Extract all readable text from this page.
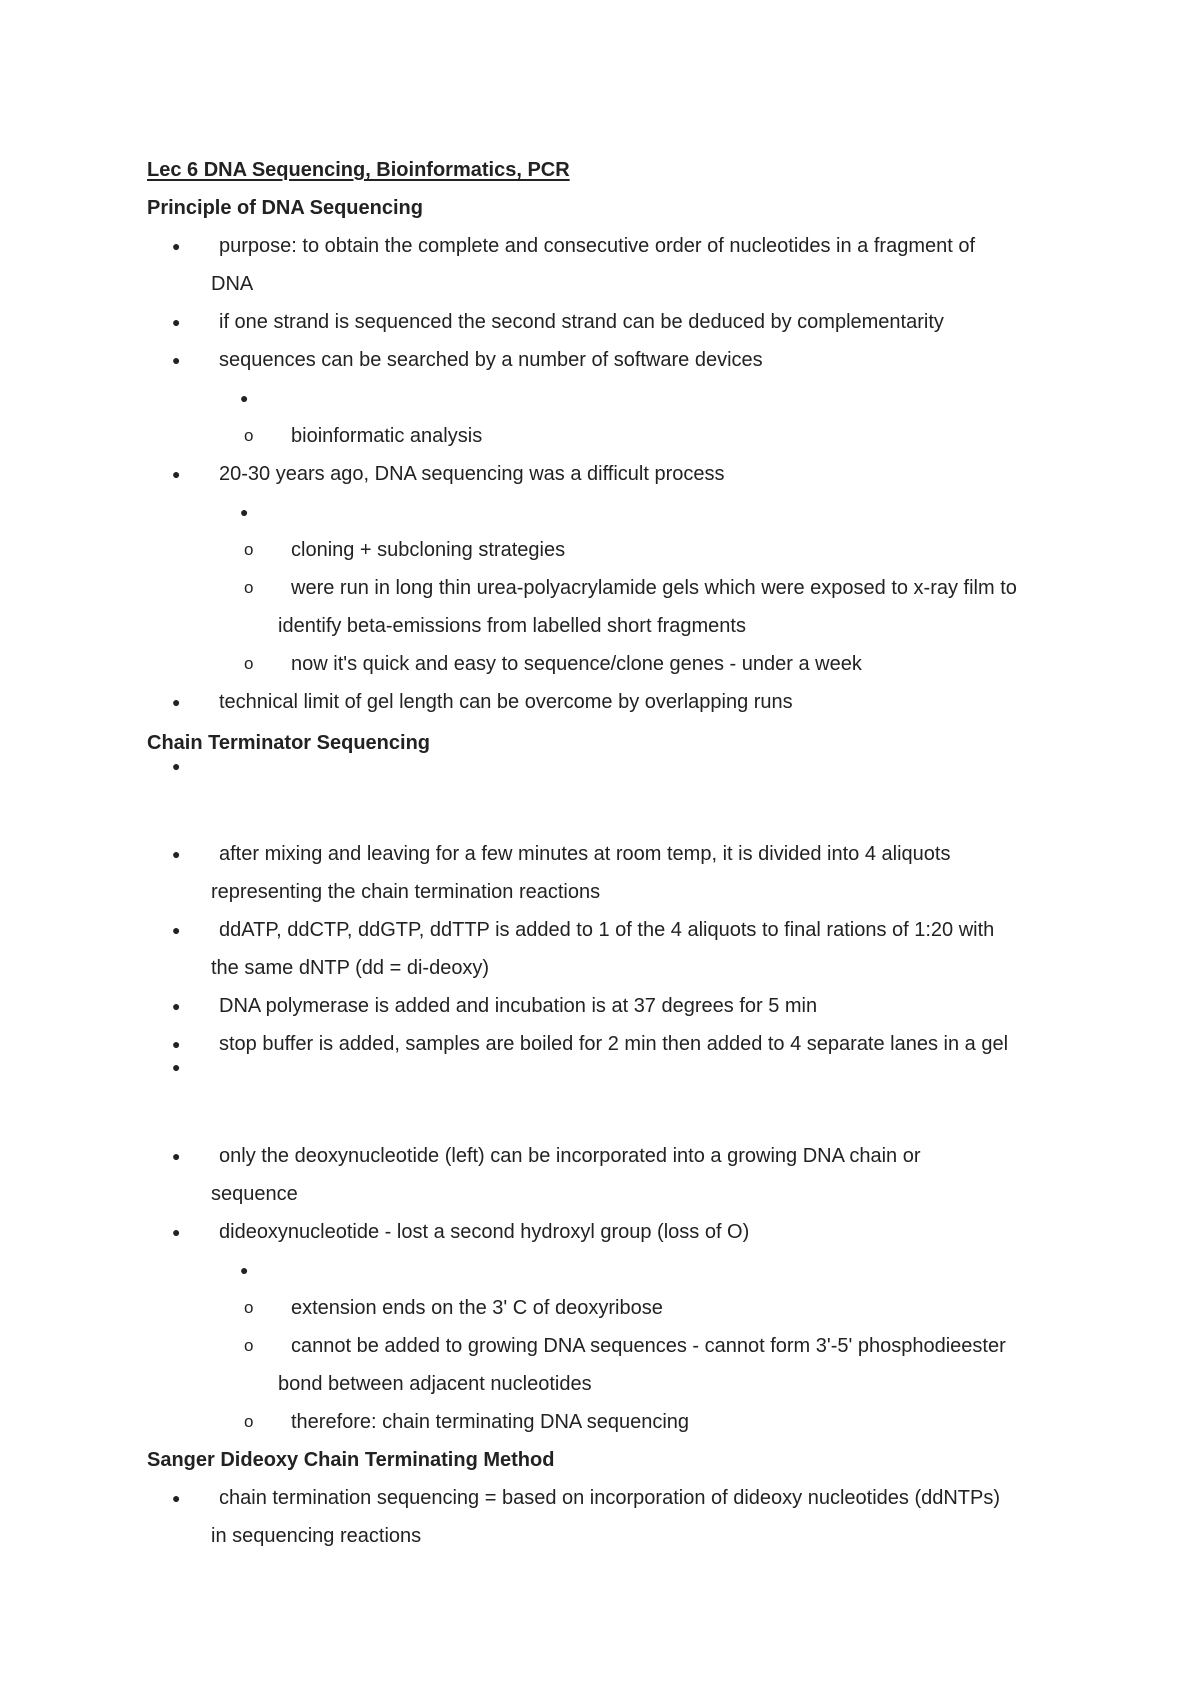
Lec 6 DNA Sequencing, Bioinformatics, PCR
Principle of DNA Sequencing
● purpose: to obtain the complete and consecutive order of nucleotides in a fragment of
DNA
● if one strand is sequenced the second strand can be deduced by complementarity
● sequences can be searched by a number of software devices
●
o bioinformatic analysis
● 20-30 years ago, DNA sequencing was a difficult process
●
o cloning + subcloning strategies
o were run in long thin urea-polyacrylamide gels which were exposed to x-ray film to
identify beta-emissions from labelled short fragments
o now it's quick and easy to sequence/clone genes - under a week
● technical limit of gel length can be overcome by overlapping runs
Chain Terminator Sequencing
●
● after mixing and leaving for a few minutes at room temp, it is divided into 4 aliquots
representing the chain termination reactions
● ddATP, ddCTP, ddGTP, ddTTP is added to 1 of the 4 aliquots to final rations of 1:20 with
the same dNTP (dd = di-deoxy)
● DNA polymerase is added and incubation is at 37 degrees for 5 min
● stop buffer is added, samples are boiled for 2 min then added to 4 separate lanes in a gel
●
● only the deoxynucleotide (left) can be incorporated into a growing DNA chain or
sequence
● dideoxynucleotide - lost a second hydroxyl group (loss of O)
●
o extension ends on the 3' C of deoxyribose
o cannot be added to growing DNA sequences - cannot form 3'-5' phosphodieester
bond between adjacent nucleotides
o therefore: chain terminating DNA sequencing
Sanger Dideoxy Chain Terminating Method
● chain termination sequencing = based on incorporation of dideoxy nucleotides (ddNTPs)
in sequencing reactions
